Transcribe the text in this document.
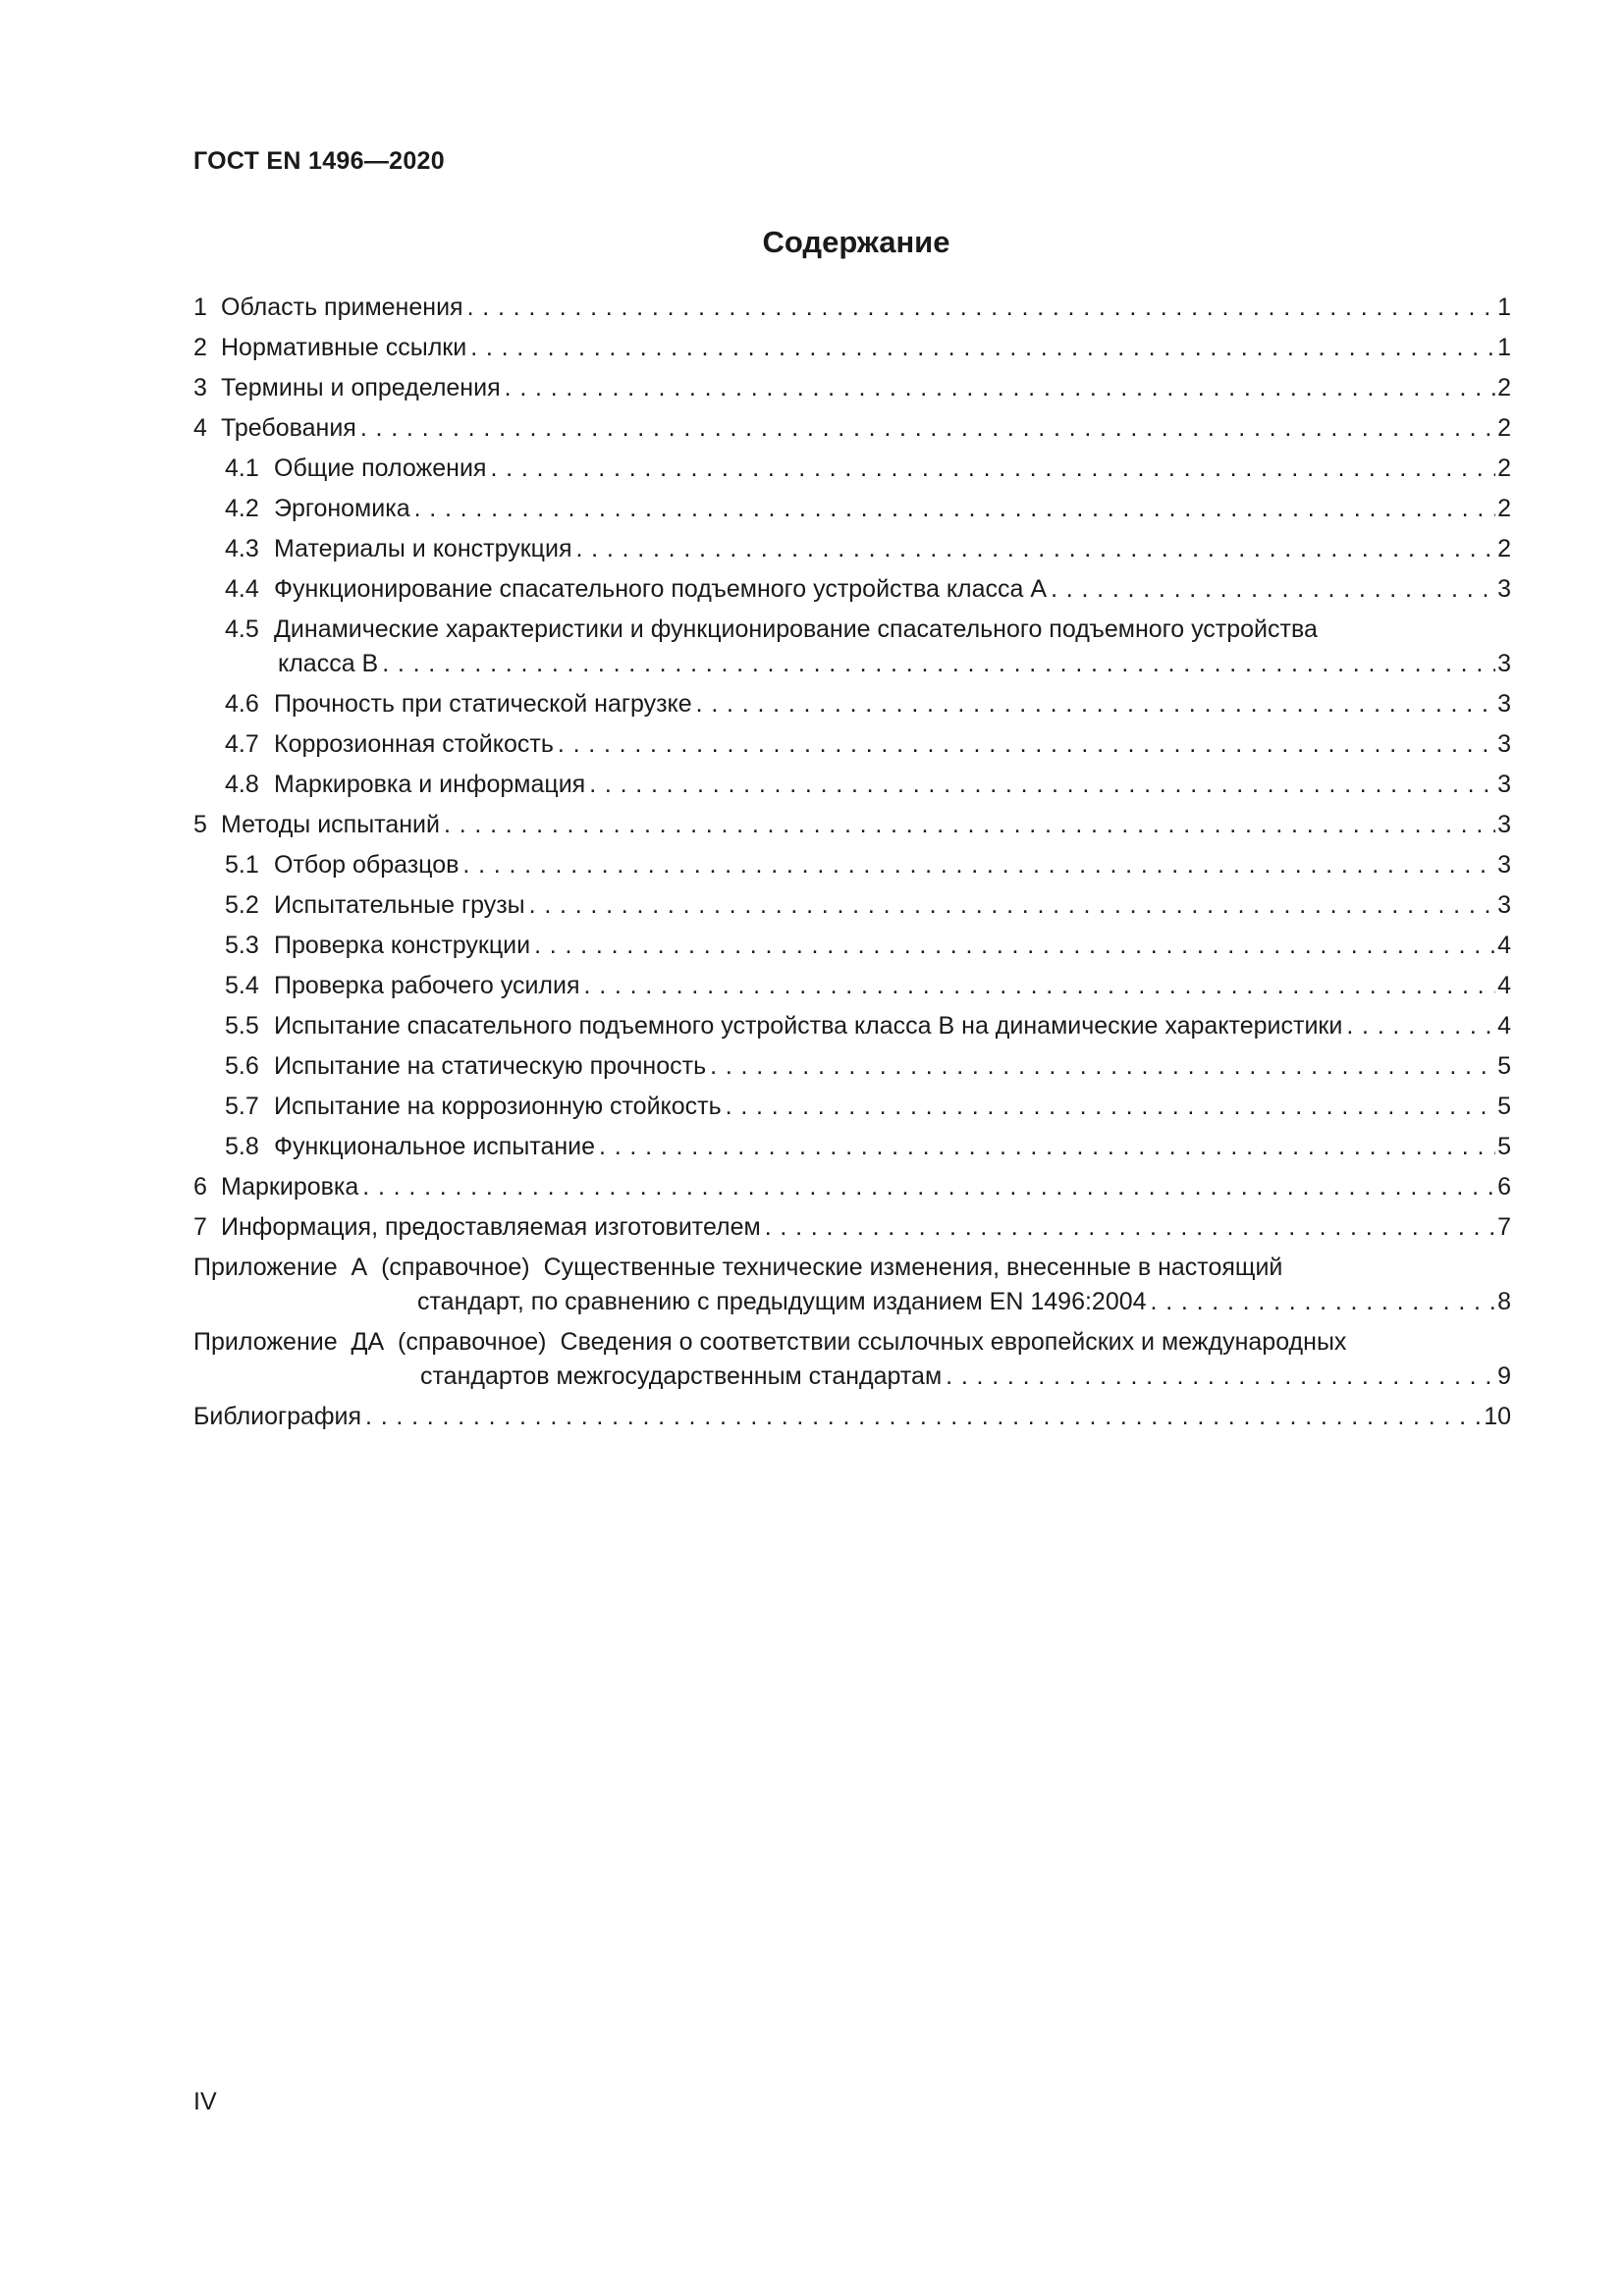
ГОСТ EN 1496—2020
Содержание
1 Область применения . . .	1
2 Нормативные ссылки . . .	1
3 Термины и определения . . .	2
4 Требования . . .	2
4.1 Общие положения . . .	2
4.2 Эргономика . . .	2
4.3 Материалы и конструкция . . .	2
4.4 Функционирование спасательного подъемного устройства класса А . . .	3
4.5 Динамические характеристики и функционирование спасательного подъемного устройства
класса В . . .	3
4.6 Прочность при статической нагрузке . . .	3
4.7 Коррозионная стойкость . . .	3
4.8 Маркировка и информация . . .	3
5 Методы испытаний . . .	3
5.1 Отбор образцов . . .	3
5.2 Испытательные грузы . . .	3
5.3 Проверка конструкции . . .	4
5.4 Проверка рабочего усилия . . .	4
5.5 Испытание спасательного подъемного устройства класса В на динамические характеристики . . .	4
5.6 Испытание на статическую прочность . . .	5
5.7 Испытание на коррозионную стойкость . . .	5
5.8 Функциональное испытание . . .	5
6 Маркировка . . .	6
7 Информация, предоставляемая изготовителем . . .	7
Приложение  А  (справочное) Существенные технические изменения, внесенные в настоящий
стандарт, по сравнению с предыдущим изданием EN 1496:2004 . . .	8
Приложение  ДА  (справочное) Сведения о соответствии ссылочных европейских и международных
стандартов межгосударственным стандартам . . .	9
Библиография . . .	10
IV
